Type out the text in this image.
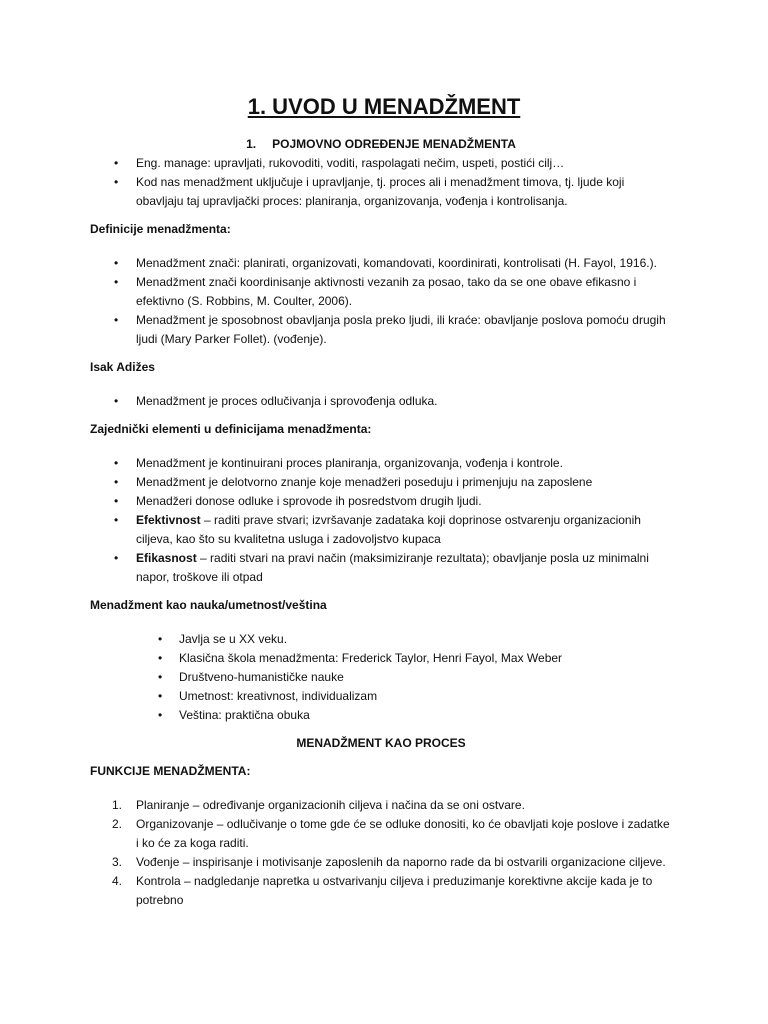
1. UVOD U MENADŽMENT

1. POJMOVNO ODREĐENJE MENADŽMENTA

• Eng. manage: upravljati, rukovoditi, voditi, raspolagati nečim, uspeti, postići cilj…
• Kod nas menadžment uključuje i upravljanje, tj. proces ali i menadžment timova, tj. ljude koji obavljaju taj upravljački proces: planiranja, organizovanja, vođenja i kontrolisanja.

Definicije menadžmenta:

• Menadžment znači: planirati, organizovati, komandovati, koordinirati, kontrolisati (H. Fayol, 1916.).
• Menadžment znači koordinisanje aktivnosti vezanih za posao, tako da se one obave efikasno i efektivno (S. Robbins, M. Coulter, 2006).
• Menadžment je sposobnost obavljanja posla preko ljudi, ili kraće: obavljanje poslova pomoću drugih ljudi (Mary Parker Follet). (vođenje).

Isak Adižes

• Menadžment je proces odlučivanja i sprovođenja odluka.

Zajednički elementi u definicijama menadžmenta:

• Menadžment je kontinuirani proces planiranja, organizovanja, vođenja i kontrole.
• Menadžment je delotvorno znanje koje menadžeri poseduju i primenjuju na zaposlene
• Menadžeri donose odluke i sprovode ih posredstvom drugih ljudi.
• Efektivnost – raditi prave stvari; izvršavanje zadataka koji doprinose ostvarenju organizacionih ciljeva, kao što su kvalitetna usluga i zadovoljstvo kupaca
• Efikasnost – raditi stvari na pravi način (maksimiziranje rezultata); obavljanje posla uz minimalni napor, troškove ili otpad

Menadžment kao nauka/umetnost/veština

• Javlja se u XX veku.
• Klasična škola menadžmenta: Frederick Taylor, Henri Fayol, Max Weber
• Društveno-humanističke nauke
• Umetnost: kreativnost, individualizam
• Veština: praktična obuka

MENADŽMENT KAO PROCES

FUNKCIJE MENADŽMENTA:

1. Planiranje – određivanje organizacionih ciljeva i načina da se oni ostvare.
2. Organizovanje – odlučivanje o tome gde će se odluke donositi, ko će obavljati koje poslove i zadatke i ko će za koga raditi.
3. Vođenje – inspirisanje i motivisanje zaposlenih da naporno rade da bi ostvarili organizacione ciljeve.
4. Kontrola – nadgledanje napretka u ostvarivanju ciljeva i preduzimanje korektivne akcije kada je to potrebno
